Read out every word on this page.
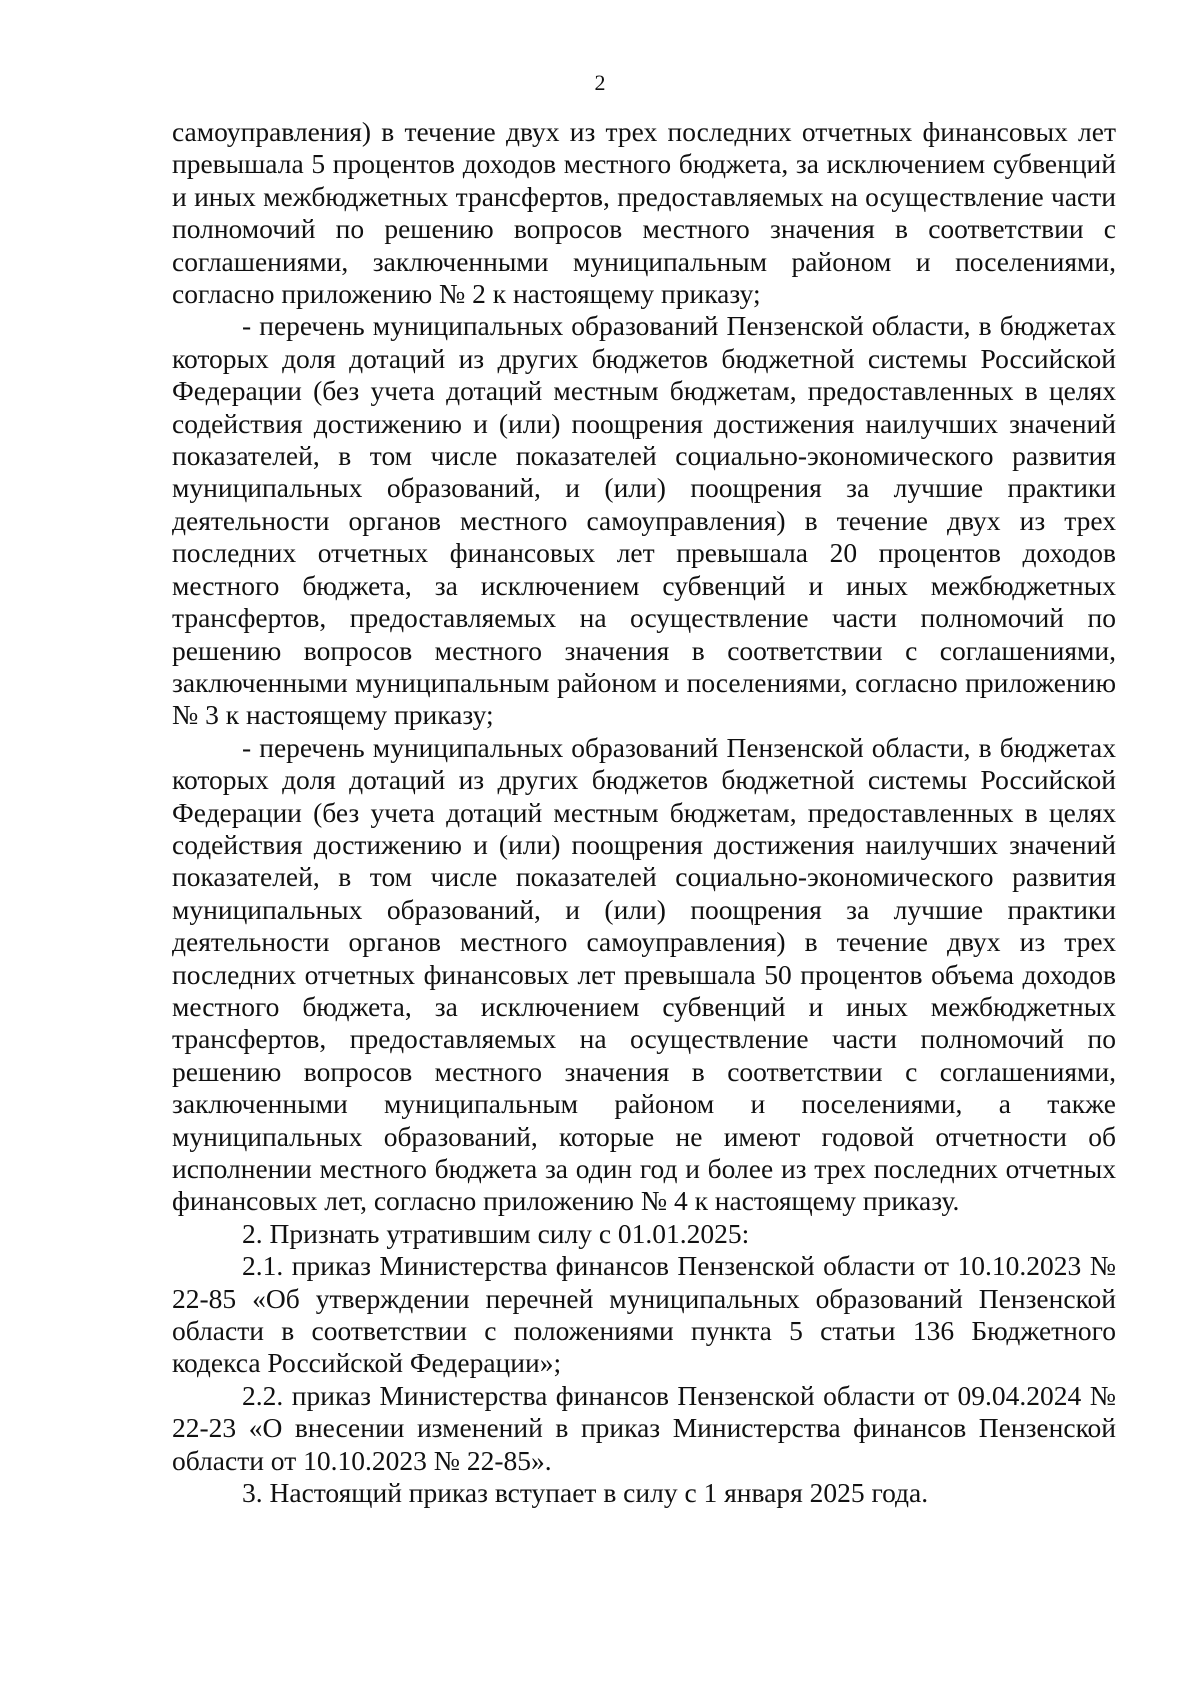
2

самоуправления) в течение двух из трех последних отчетных финансовых лет превышала 5 процентов доходов местного бюджета, за исключением субвенций и иных межбюджетных трансфертов, предоставляемых на осуществление части полномочий по решению вопросов местного значения в соответствии с соглашениями, заключенными муниципальным районом и поселениями, согласно приложению № 2 к настоящему приказу;

- перечень муниципальных образований Пензенской области, в бюджетах которых доля дотаций из других бюджетов бюджетной системы Российской Федерации (без учета дотаций местным бюджетам, предоставленных в целях содействия достижению и (или) поощрения достижения наилучших значений показателей, в том числе показателей социально-экономического развития муниципальных образований, и (или) поощрения за лучшие практики деятельности органов местного самоуправления) в течение двух из трех последних отчетных финансовых лет превышала 20 процентов доходов местного бюджета, за исключением субвенций и иных межбюджетных трансфертов, предоставляемых на осуществление части полномочий по решению вопросов местного значения в соответствии с соглашениями, заключенными муниципальным районом и поселениями, согласно приложению № 3 к настоящему приказу;

- перечень муниципальных образований Пензенской области, в бюджетах которых доля дотаций из других бюджетов бюджетной системы Российской Федерации (без учета дотаций местным бюджетам, предоставленных в целях содействия достижению и (или) поощрения достижения наилучших значений показателей, в том числе показателей социально-экономического развития муниципальных образований, и (или) поощрения за лучшие практики деятельности органов местного самоуправления) в течение двух из трех последних отчетных финансовых лет превышала 50 процентов объема доходов местного бюджета, за исключением субвенций и иных межбюджетных трансфертов, предоставляемых на осуществление части полномочий по решению вопросов местного значения в соответствии с соглашениями, заключенными муниципальным районом и поселениями, а также муниципальных образований, которые не имеют годовой отчетности об исполнении местного бюджета за один год и более из трех последних отчетных финансовых лет, согласно приложению № 4 к настоящему приказу.

2. Признать утратившим силу с 01.01.2025:

2.1. приказ Министерства финансов Пензенской области от 10.10.2023 № 22-85 «Об утверждении перечней муниципальных образований Пензенской области в соответствии с положениями пункта 5 статьи 136 Бюджетного кодекса Российской Федерации»;

2.2. приказ Министерства финансов Пензенской области от 09.04.2024 № 22-23 «О внесении изменений в приказ Министерства финансов Пензенской области от 10.10.2023 № 22-85».

3. Настоящий приказ вступает в силу с 1 января 2025 года.
